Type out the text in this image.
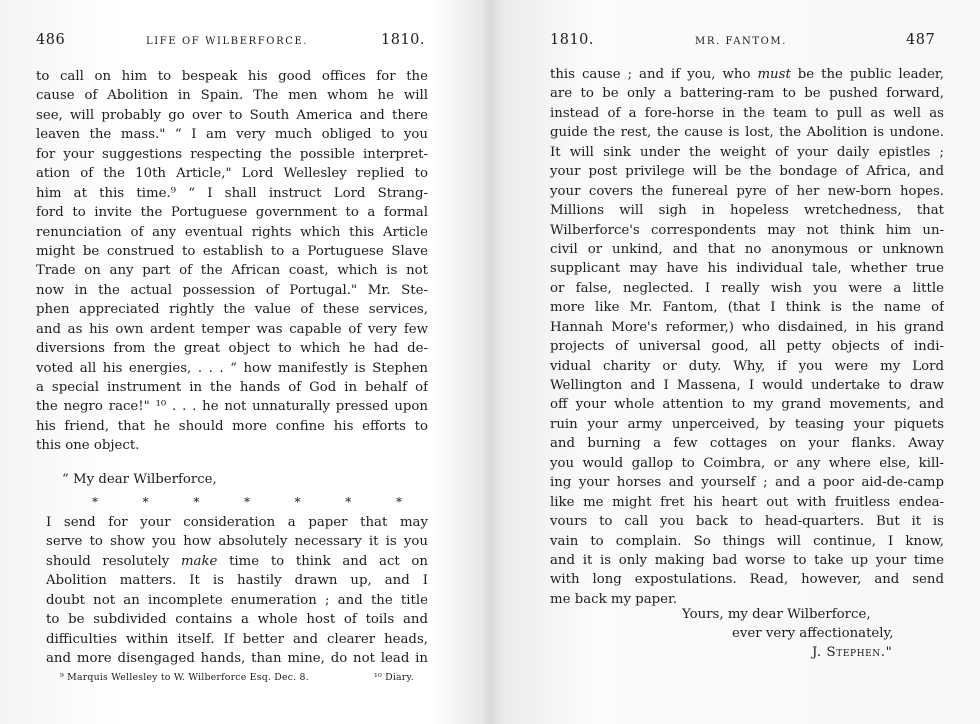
486	LIFE OF WILBERFORCE.	1810.
to call on him to bespeak his good offices for the
cause of Abolition in Spain. The men whom he will
see, will probably go over to South America and there
leaven the mass." “ I am very much obliged to you
for your suggestions respecting the possible interpret-
ation of the 10th Article," Lord Wellesley replied to
him at this time.⁹ “ I shall instruct Lord Strang-
ford to invite the Portuguese government to a formal
renunciation of any eventual rights which this Article
might be construed to establish to a Portuguese Slave
Trade on any part of the African coast, which is not
now in the actual possession of Portugal." Mr. Ste-
phen appreciated rightly the value of these services,
and as his own ardent temper was capable of very few
diversions from the great object to which he had de-
voted all his energies, . . . “ how manifestly is Stephen
a special instrument in the hands of God in behalf of
the negro race!" ¹⁰ . . . he not unnaturally pressed upon
his friend, that he should more confine his efforts to
this one object.
“ My dear Wilberforce,
*	*	*	*	*	*	*
I send for your consideration a paper that may
serve to show you how absolutely necessary it is you
should resolutely make time to think and act on
Abolition matters. It is hastily drawn up, and I
doubt not an incomplete enumeration ; and the title
to be subdivided contains a whole host of toils and
difficulties within itself. If better and clearer heads,
and more disengaged hands, than mine, do not lead in
⁹ Marquis Wellesley to W. Wilberforce Esq. Dec. 8.	¹⁰ Diary.
1810.	MR. FANTOM.	487
this cause ; and if you, who must be the public leader,
are to be only a battering-ram to be pushed forward,
instead of a fore-horse in the team to pull as well as
guide the rest, the cause is lost, the Abolition is undone.
It will sink under the weight of your daily epistles ;
your post privilege will be the bondage of Africa, and
your covers the funereal pyre of her new-born hopes.
Millions will sigh in hopeless wretchedness, that
Wilberforce's correspondents may not think him un-
civil or unkind, and that no anonymous or unknown
supplicant may have his individual tale, whether true
or false, neglected. I really wish you were a little
more like Mr. Fantom, (that I think is the name of
Hannah More's reformer,) who disdained, in his grand
projects of universal good, all petty objects of indi-
vidual charity or duty. Why, if you were my Lord
Wellington and I Massena, I would undertake to draw
off your whole attention to my grand movements, and
ruin your army unperceived, by teasing your piquets
and burning a few cottages on your flanks. Away
you would gallop to Coimbra, or any where else, kill-
ing your horses and yourself ; and a poor aid-de-camp
like me might fret his heart out with fruitless endea-
vours to call you back to head-quarters. But it is
vain to complain. So things will continue, I know,
and it is only making bad worse to take up your time
with long expostulations. Read, however, and send
me back my paper.
Yours, my dear Wilberforce,
ever very affectionately,
J. Stephen."
